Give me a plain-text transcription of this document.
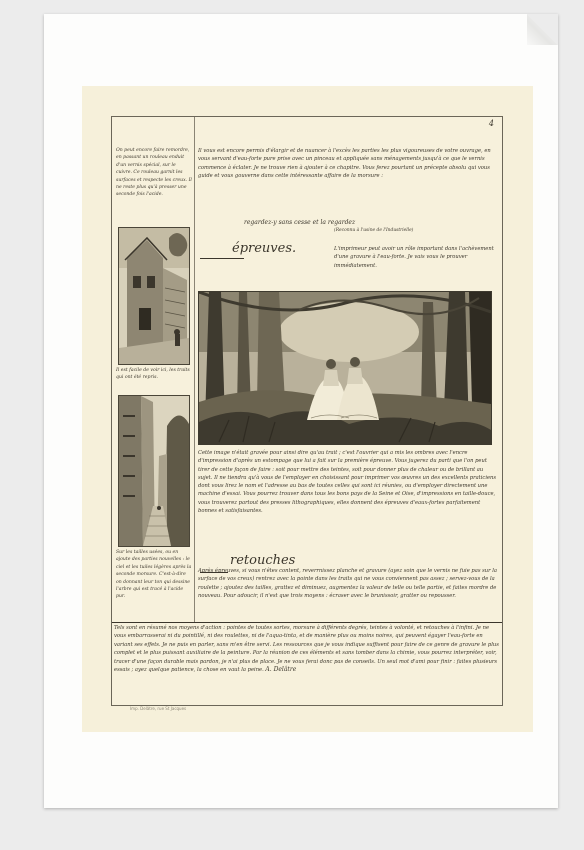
4
On peut encore faire remordre, en passant un rouleau enduit d'un vernis spécial, sur le cuivre. Ce rouleau garnit les surfaces et respecte les creux. Il ne reste plus qu'à presser une seconde fois l'acide.
Il est facile de voir ici, les traits qui ont été repris.
Sur les tailles usées, ou en ajoute des parties nouvelles : le ciel et les tuiles légères après la seconde morsure. C'est-à-dire on donnant leur ton qui dessine l'arbre qui est tracé à l'acide pur.
Il vous est encore permis d'élargir et de nuancer à l'excès les parties les plus vigoureuses de votre ouvrage, en vous servant d'eau-forte pure prise avec un pinceau et appliquée sans ménagements jusqu'à ce que le vernis commence à éclater. Je ne trouve rien à ajouter à ce chapitre. Vous ferez pourtant un précepte absolu qui vous guide et vous gouverne dans cette intéressante affaire de la morsure :
regardez-y sans cesse et la regardez
(Reconnu à l'usine de l'Industrielle)
épreuves.	L'imprimeur peut avoir un rôle important dans l'achèvement d'une gravure à l'eau-forte. Je vais vous le prouver immédiatement.
Cette image n'était gravée pour ainsi dire qu'au trait ; c'est l'ouvrier qui a mis les ombres avec l'encre d'impression d'après un estompage que lui a fait sur la première épreuve. Vous jugerez du parti que l'on peut tirer de cette façon de faire : soit pour mettre des teintes, soit pour donner plus de chaleur ou de brillant au sujet. Il ne tiendra qu'à vous de l'employer en choisissant pour imprimer vos œuvres un des excellents praticiens dont vous lirez le nom et l'adresse au bas de toutes celles qui sont ici réunies, ou d'employer directement une machine d'essai. Vous pourrez trouver dans tous les bons pays de la Seine et Oise, d'impressions en taille-douce, vous trouverez partout des presses lithographiques, elles donnent des épreuves d'eaux-fortes parfaitement bonnes et satisfaisantes.
retouches
Après épreuves, si vous n'êtes content, reverrnissez planche et gravure (ayez soin que le vernis ne fuie pas sur la surface de vos creux) rentrez avec la pointe dans les traits qui ne vous conviennent pas assez ; servez-vous de la roulette ; ajoutez des tailles, grattez et diminuez, augmentez la valeur de telle ou telle partie, et faites mordre de nouveau. Pour adoucir, il n'est que trois moyens : écraser avec le brunissoir, gratter ou repousser.
Tels sont en résumé nos moyens d'action : pointes de toutes sortes, morsure à différents degrés, teintes à volonté, et retouches à l'infini. Je ne vous embarrasserai ni du pointillé, ni des roulettes, ni de l'aqua-tinta, et de manière plus ou moins noires, qui peuvent égayer l'eau-forte en variant ses effets. Je ne puis en parler, sans m'en être servi. Les ressources que je vous indique suffisent pour faire de ce genre de gravure le plus complet et le plus puissant auxiliaire de la peinture. Par la réunion de ces éléments et sans tomber dans la chimie, vous pourrez interpréter, voir, tracer d'une façon durable mais pardon, je n'ai plus de place. Je ne vous ferai donc pas de conseils. Un seul mot d'ami pour finir : faites plusieurs essais ; ayez quelque patience, la chose en vaut la peine. A. Delâtre
Imp. Delâtre, rue St Jacques
